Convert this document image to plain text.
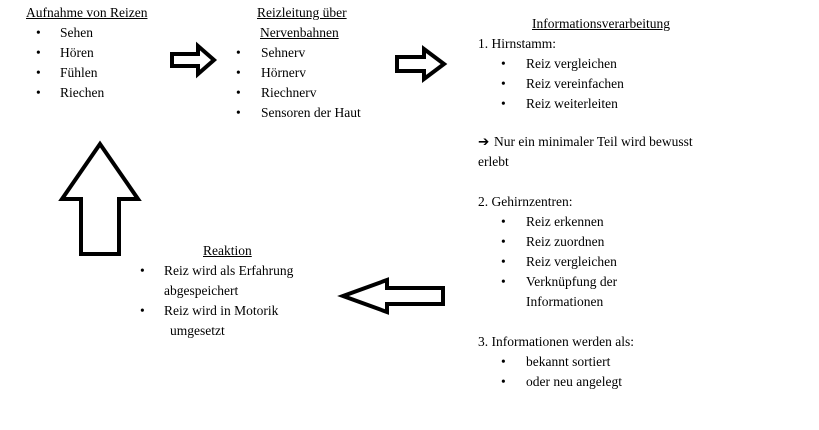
Aufnahme von Reizen
•	Sehen
•	Hören
•	Fühlen
•	Riechen
Reizleitung über
Nervenbahnen
•	Sehnerv
•	Hörnerv
•	Riechnerv
•	Sensoren der Haut
Informationsverarbeitung
1. Hirnstamm:
•	Reiz vergleichen
•	Reiz vereinfachen
•	Reiz weiterleiten
➔ Nur ein minimaler Teil wird bewusst
erlebt
2. Gehirnzentren:
•	Reiz erkennen
•	Reiz zuordnen
•	Reiz vergleichen
•	Verknüpfung der
Informationen
3. Informationen werden als:
•	bekannt sortiert
•	oder neu angelegt
Reaktion
•	Reiz wird als Erfahrung
abgespeichert
•	Reiz wird in Motorik
umgesetzt
